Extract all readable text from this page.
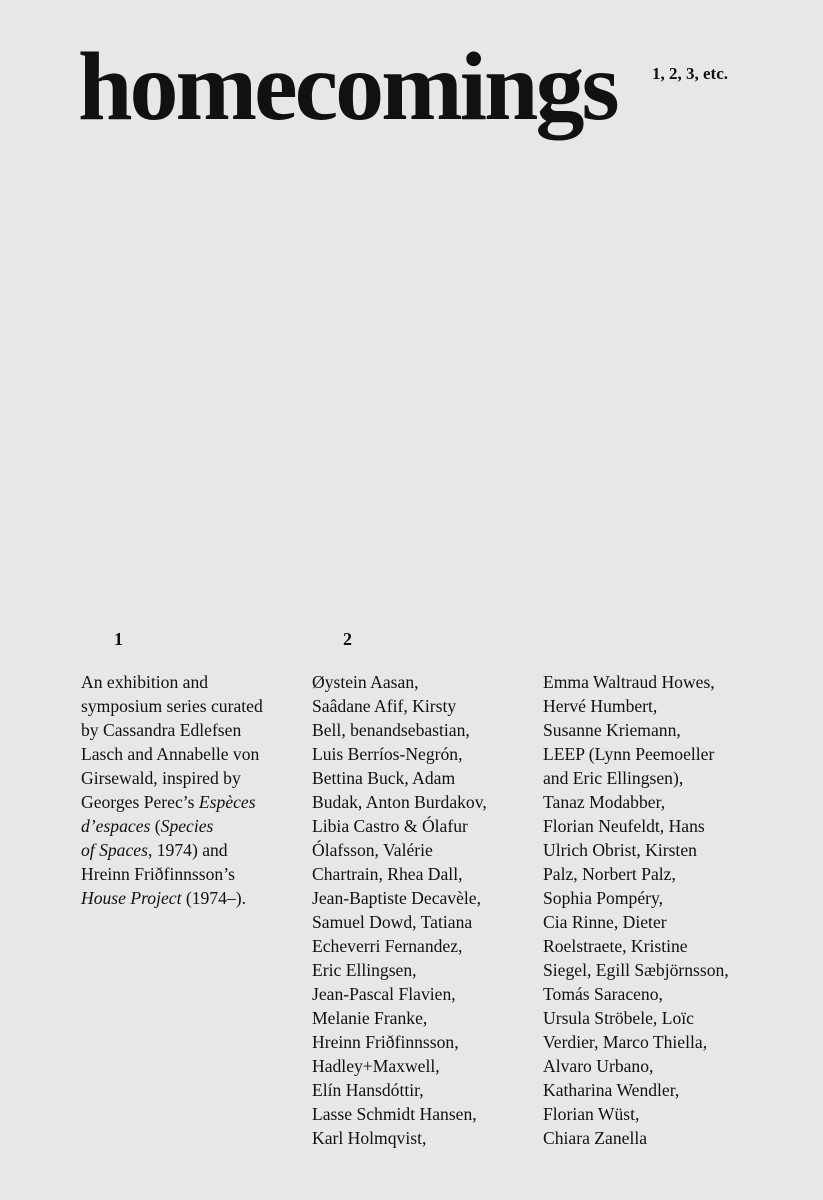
homecomings 1, 2, 3, etc.
1	2
An exhibition and
symposium series curated
by Cassandra Edlefsen
Lasch and Annabelle von
Girsewald, inspired by
Georges Perec’s Espèces
d’espaces (Species
of Spaces, 1974) and
Hreinn Friðfinnsson’s
House Project (1974–).
Øystein Aasan,
Saâdane Afif, Kirsty
Bell, benandsebastian,
Luis Berríos-Negrón,
Bettina Buck, Adam
Budak, Anton Burdakov,
Libia Castro & Ólafur
Ólafsson, Valérie
Chartrain, Rhea Dall,
Jean-Baptiste Decavèle,
Samuel Dowd, Tatiana
Echeverri Fernandez,
Eric Ellingsen,
Jean-Pascal Flavien,
Melanie Franke,
Hreinn Friðfinnsson,
Hadley+Maxwell,
Elín Hansdóttir,
Lasse Schmidt Hansen,
Karl Holmqvist,
Emma Waltraud Howes,
Hervé Humbert,
Susanne Kriemann,
LEEP (Lynn Peemoeller
and Eric Ellingsen),
Tanaz Modabber,
Florian Neufeldt, Hans
Ulrich Obrist, Kirsten
Palz, Norbert Palz,
Sophia Pompéry,
Cia Rinne, Dieter
Roelstraete, Kristine
Siegel, Egill Sæbjörnsson,
Tomás Saraceno,
Ursula Ströbele, Loïc
Verdier, Marco Thiella,
Alvaro Urbano,
Katharina Wendler,
Florian Wüst,
Chiara Zanella
